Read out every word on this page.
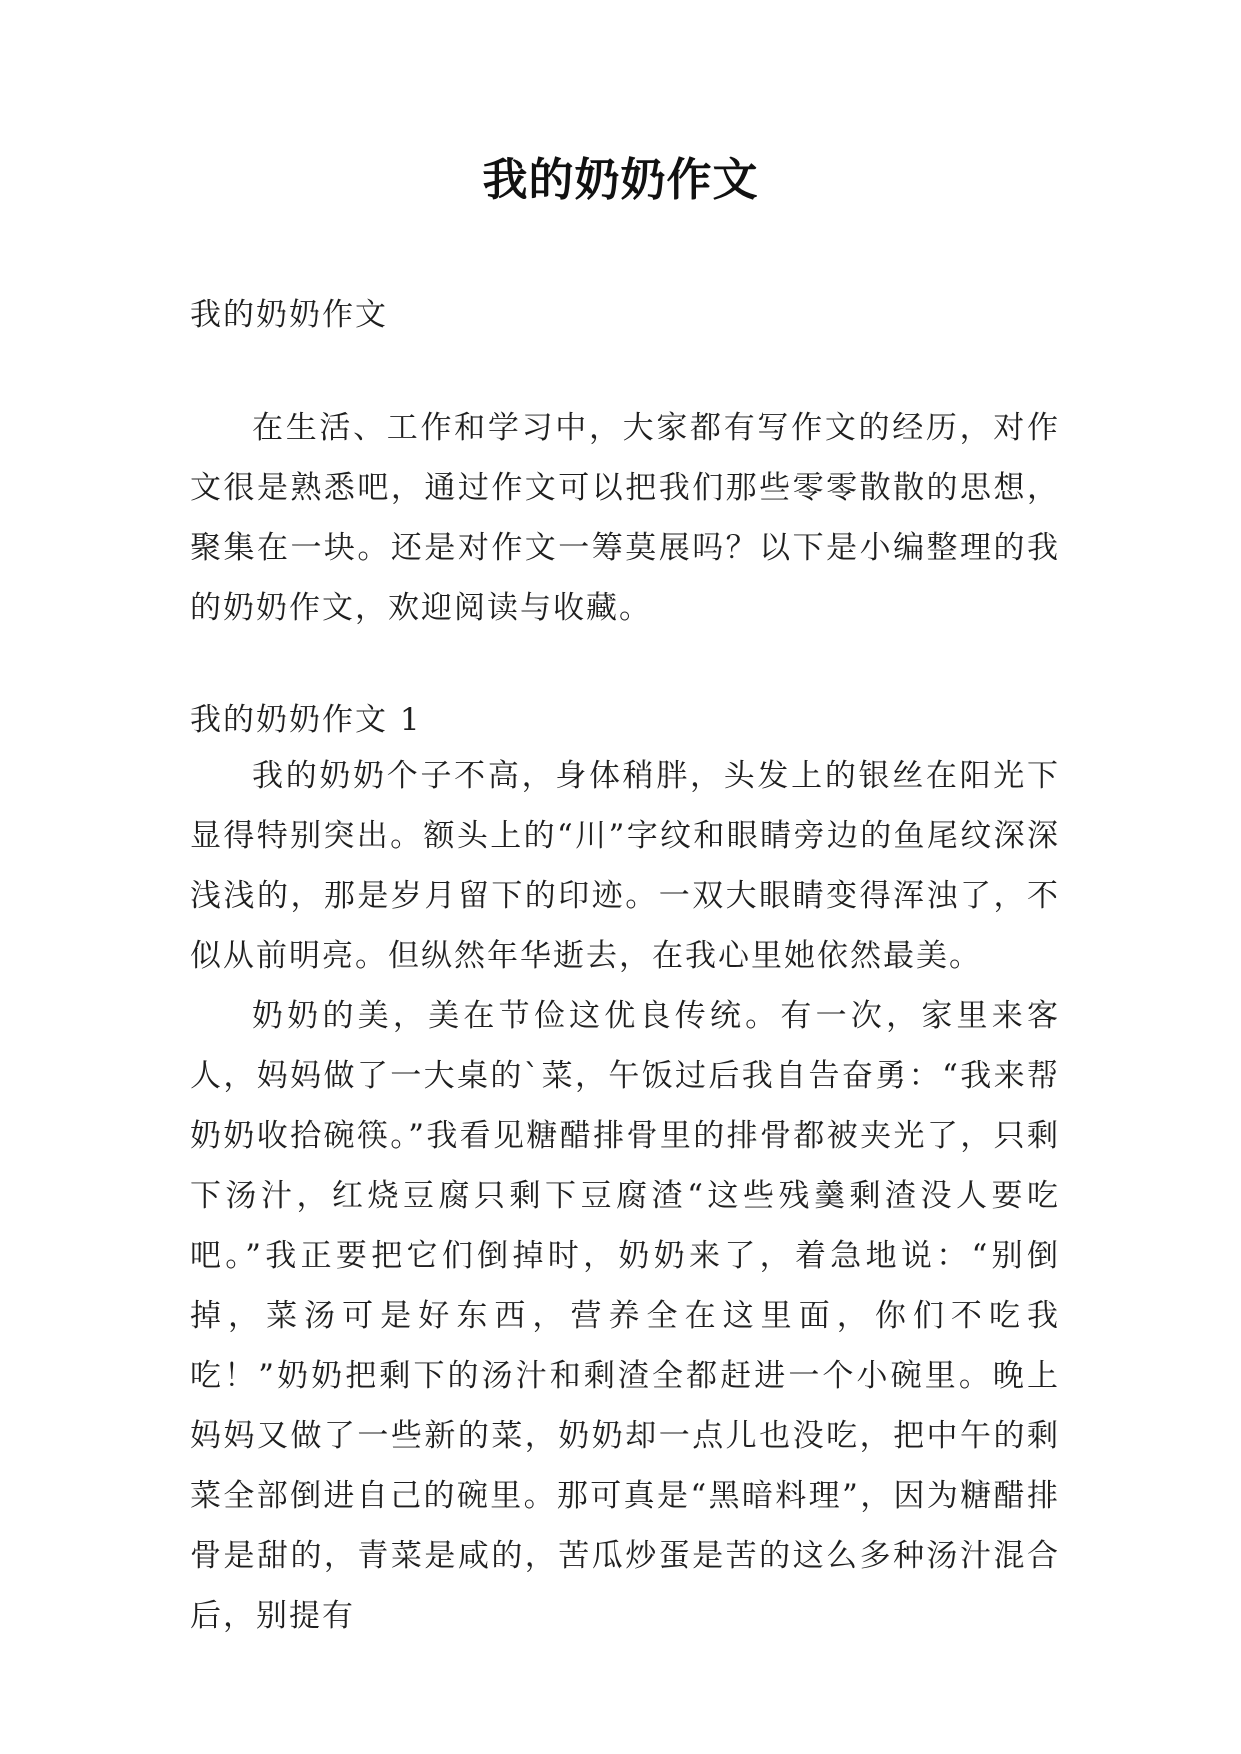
我的奶奶作文

我的奶奶作文

在生活、工作和学习中，大家都有写作文的经历，对作文很是熟悉吧，通过作文可以把我们那些零零散散的思想，聚集在一块。还是对作文一筹莫展吗？以下是小编整理的我的奶奶作文，欢迎阅读与收藏。

我的奶奶作文 1

我的奶奶个子不高，身体稍胖，头发上的银丝在阳光下显得特别突出。额头上的“川”字纹和眼睛旁边的鱼尾纹深深浅浅的，那是岁月留下的印迹。一双大眼睛变得浑浊了，不似从前明亮。但纵然年华逝去，在我心里她依然最美。

奶奶的美，美在节俭这优良传统。有一次，家里来客人，妈妈做了一大桌的`菜，午饭过后我自告奋勇：“我来帮奶奶收拾碗筷。”我看见糖醋排骨里的排骨都被夹光了，只剩下汤汁，红烧豆腐只剩下豆腐渣“这些残羹剩渣没人要吃吧。”我正要把它们倒掉时，奶奶来了，着急地说：“别倒掉，菜汤可是好东西，营养全在这里面，你们不吃我吃！”奶奶把剩下的汤汁和剩渣全都赶进一个小碗里。晚上妈妈又做了一些新的菜，奶奶却一点儿也没吃，把中午的剩菜全部倒进自己的碗里。那可真是“黑暗料理”，因为糖醋排骨是甜的，青菜是咸的，苦瓜炒蛋是苦的这么多种汤汁混合后，别提有
